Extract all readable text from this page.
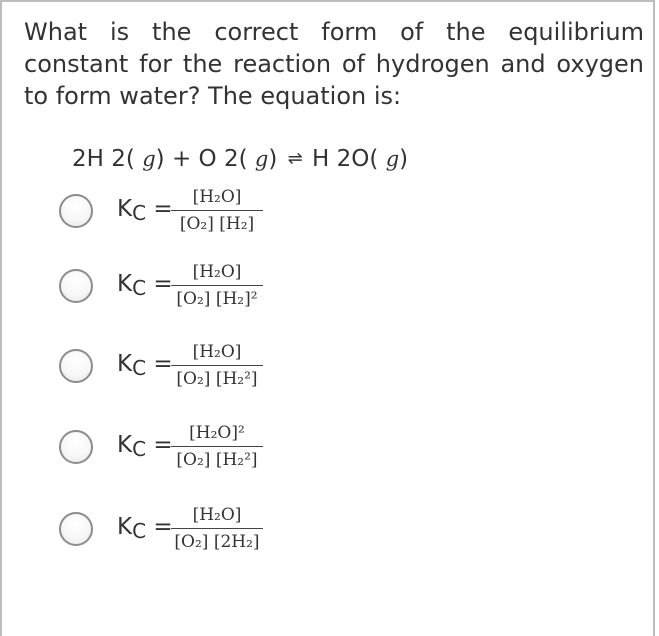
What is the correct form of the equilibrium constant for the reaction of hydrogen and oxygen to form water? The equation is:
2H 2( g) + O 2( g) ⇌ H 2O( g)
KC =	[H₂O]
[O₂] [H₂]
KC =	[H₂O]
[O₂] [H₂]²
KC =	[H₂O]
[O₂] [H₂²]
KC = [H₂O]²
[O₂] [H₂²]
KC =	[H₂O]
[O₂] [2H₂]
